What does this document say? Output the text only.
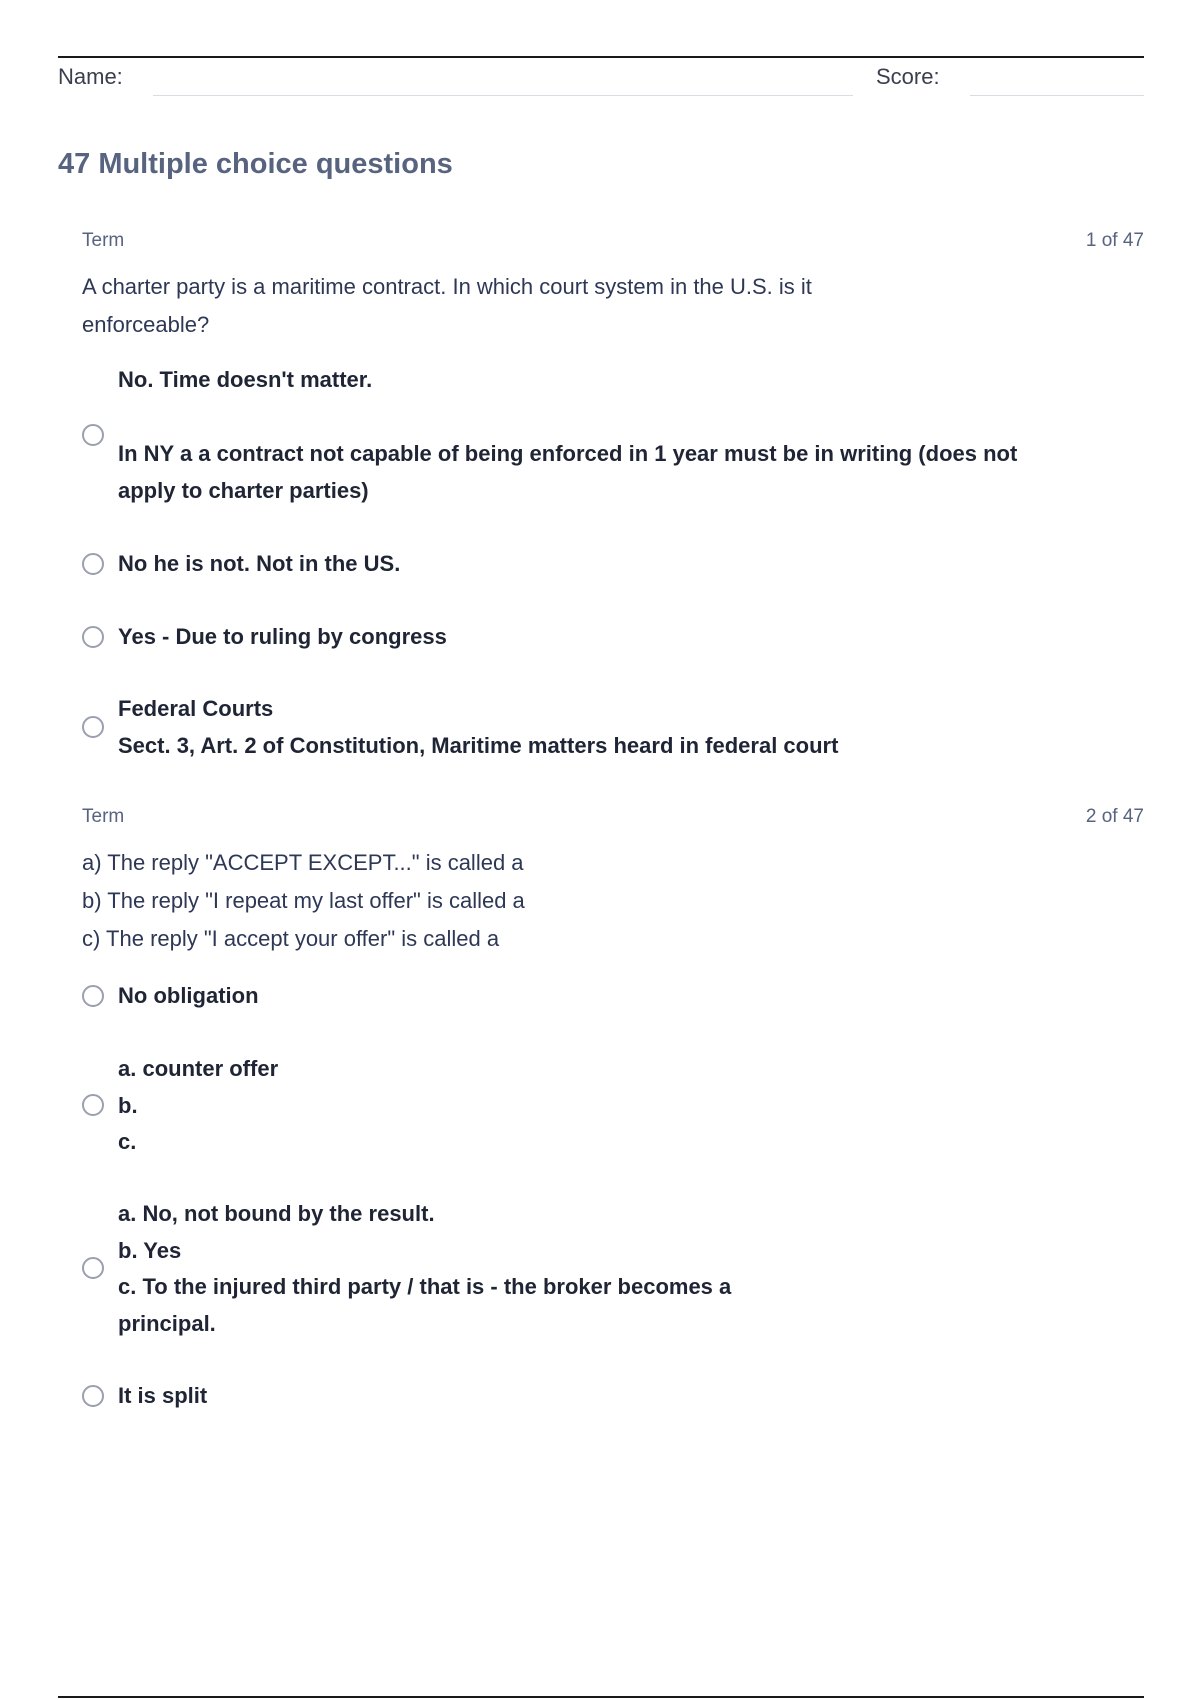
Name:	Score:
47 Multiple choice questions
Term	1 of 47
A charter party is a maritime contract. In which court system in the U.S. is it
enforceable?
No. Time doesn't matter.
In NY a a contract not capable of being enforced in 1 year must be in writing (does not
apply to charter parties)
No he is not. Not in the US.
Yes - Due to ruling by congress
Federal Courts
Sect. 3, Art. 2 of Constitution, Maritime matters heard in federal court
Term	2 of 47
a) The reply "ACCEPT EXCEPT..." is called a
b) The reply "I repeat my last offer" is called a
c) The reply "I accept your offer" is called a
No obligation
a. counter offer
b.
c.
a. No, not bound by the result.
b. Yes
c. To the injured third party / that is - the broker becomes a
principal.
It is split
